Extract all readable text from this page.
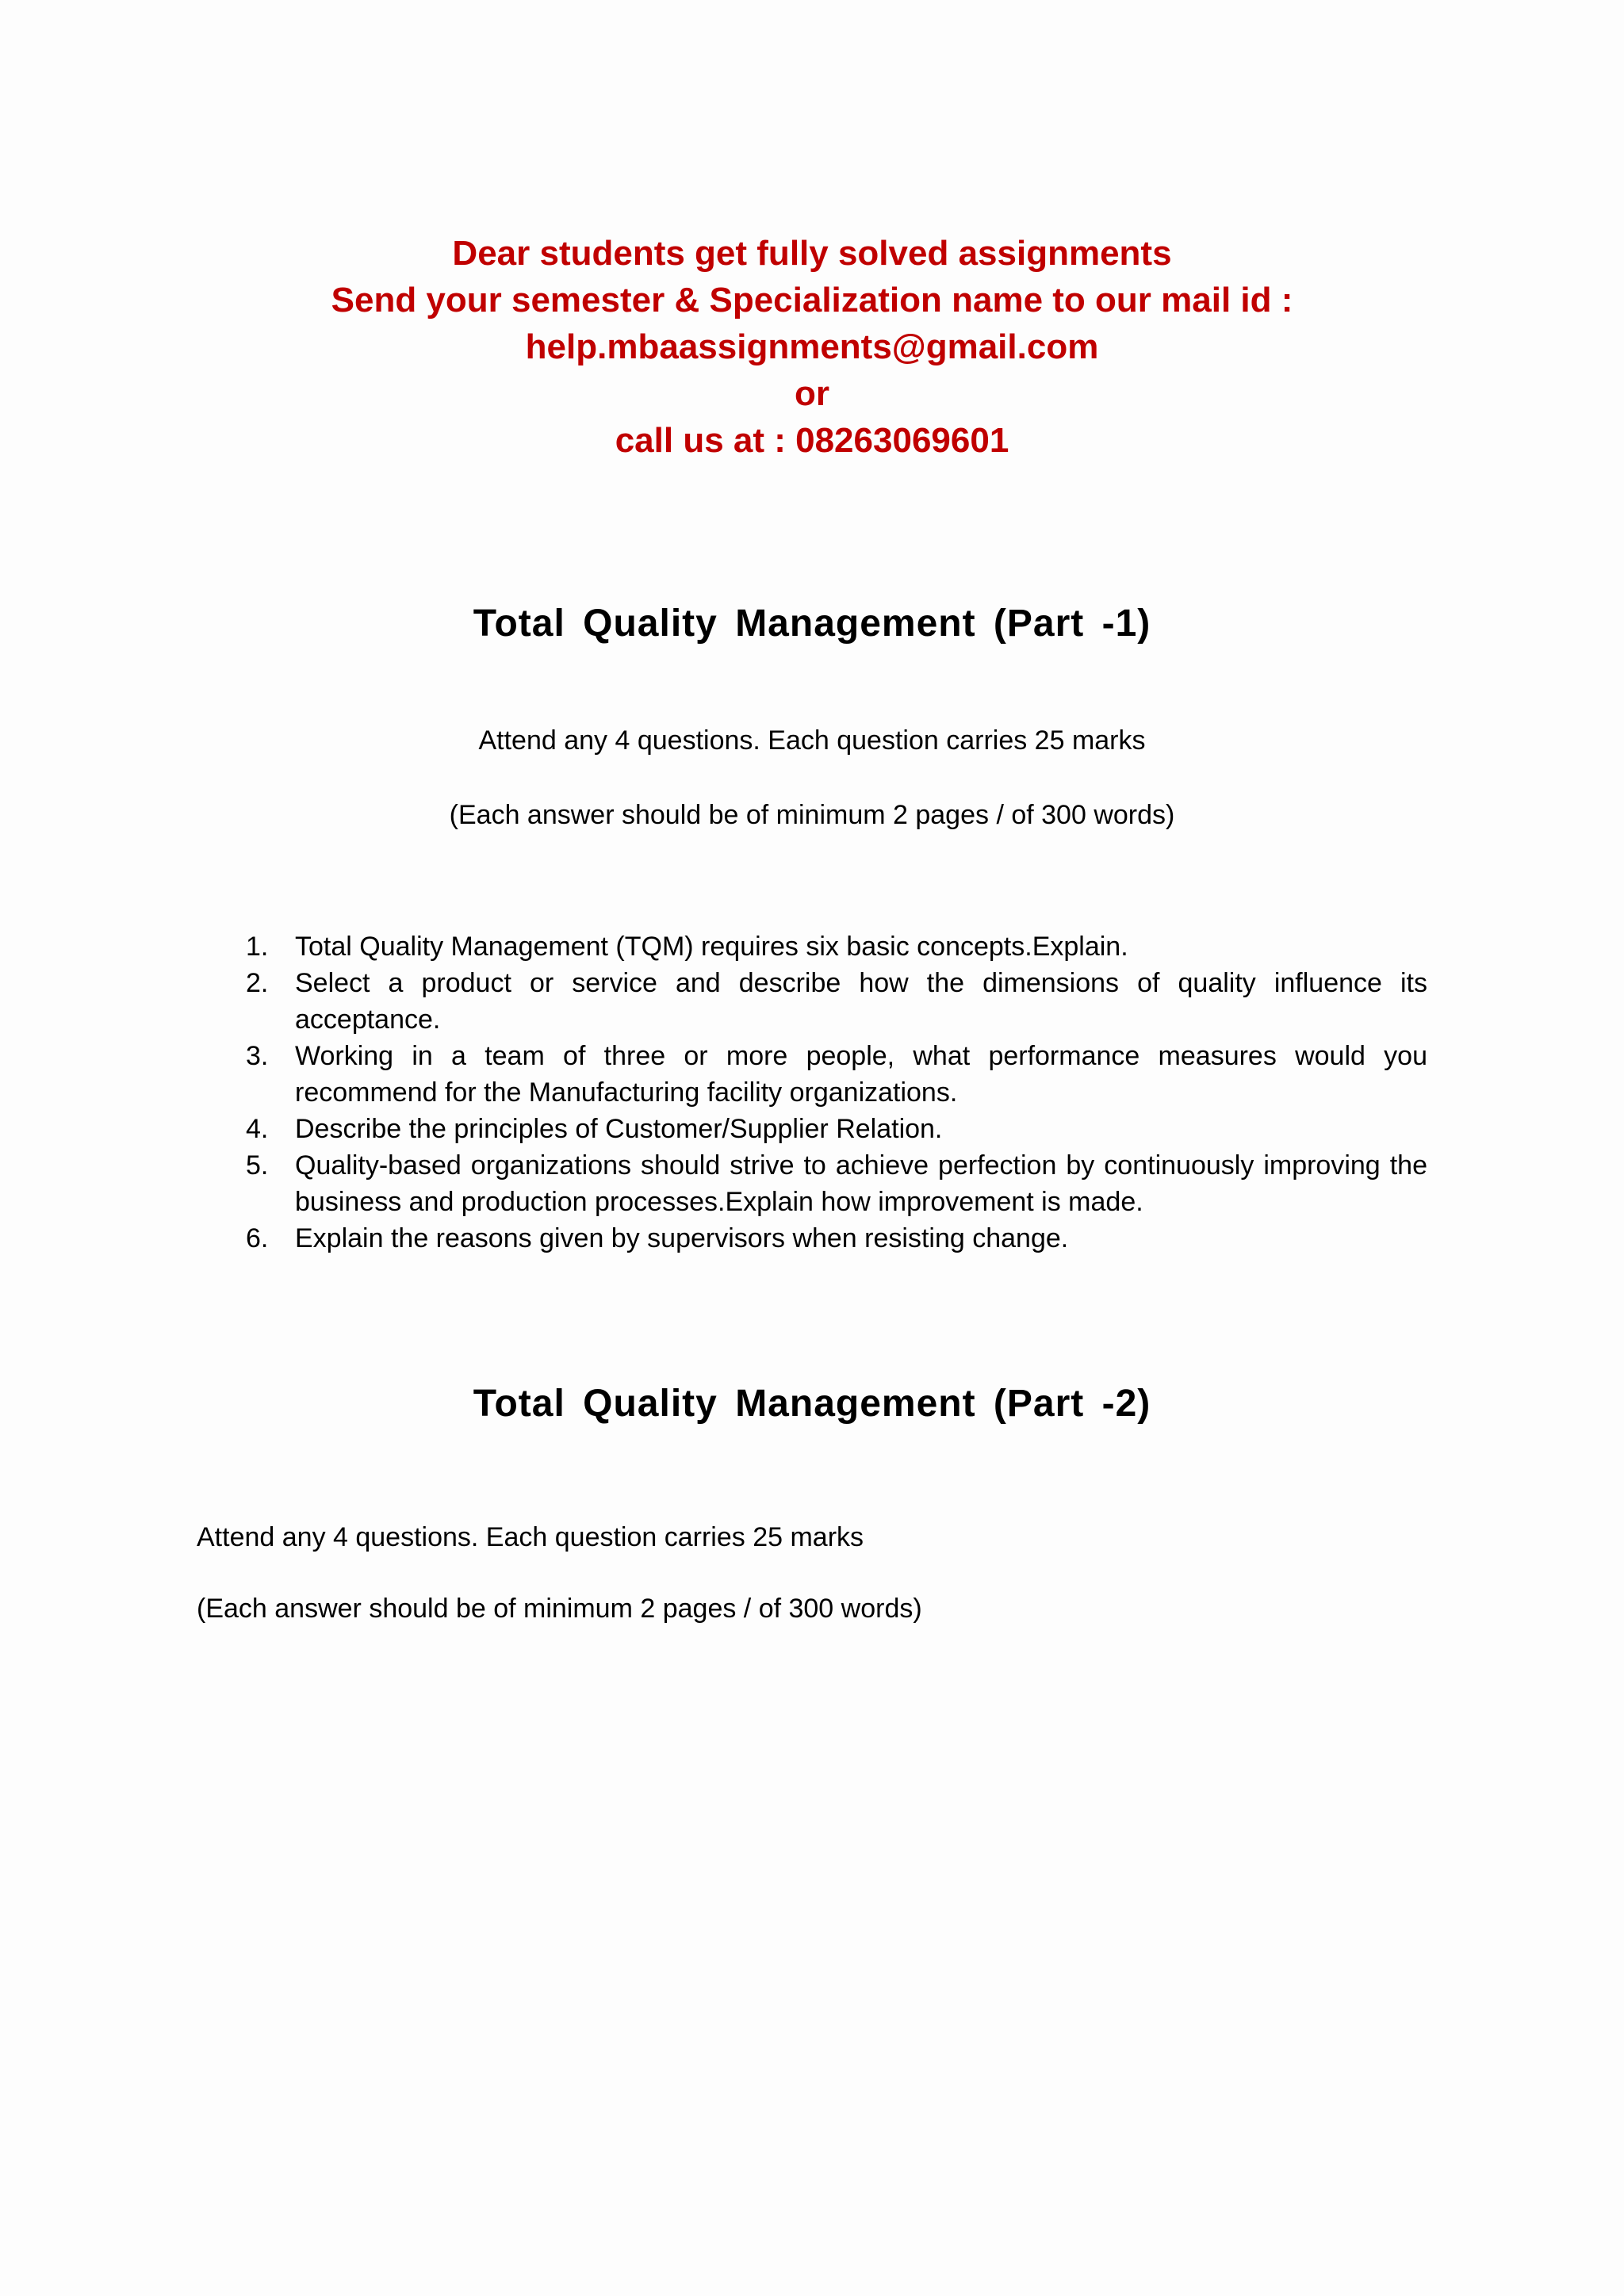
Dear students get fully solved assignments
Send your semester & Specialization name to our mail id :
help.mbaassignments@gmail.com
or
call us at : 08263069601
Total Quality Management (Part -1)
Attend any 4 questions. Each question carries 25 marks
(Each answer should be of minimum 2 pages / of 300 words)
1. Total Quality Management (TQM) requires six basic concepts.Explain.
2. Select a product or service and describe how the dimensions of quality influence its acceptance.
3. Working in a team of three or more people, what performance measures would you recommend for the Manufacturing facility organizations.
4. Describe the principles of Customer/Supplier Relation.
5. Quality-based organizations should strive to achieve perfection by continuously improving the business and production processes.Explain how improvement is made.
6. Explain the reasons given by supervisors when resisting change.
Total Quality Management (Part -2)
Attend any 4 questions. Each question carries 25 marks
(Each answer should be of minimum 2 pages / of 300 words)
